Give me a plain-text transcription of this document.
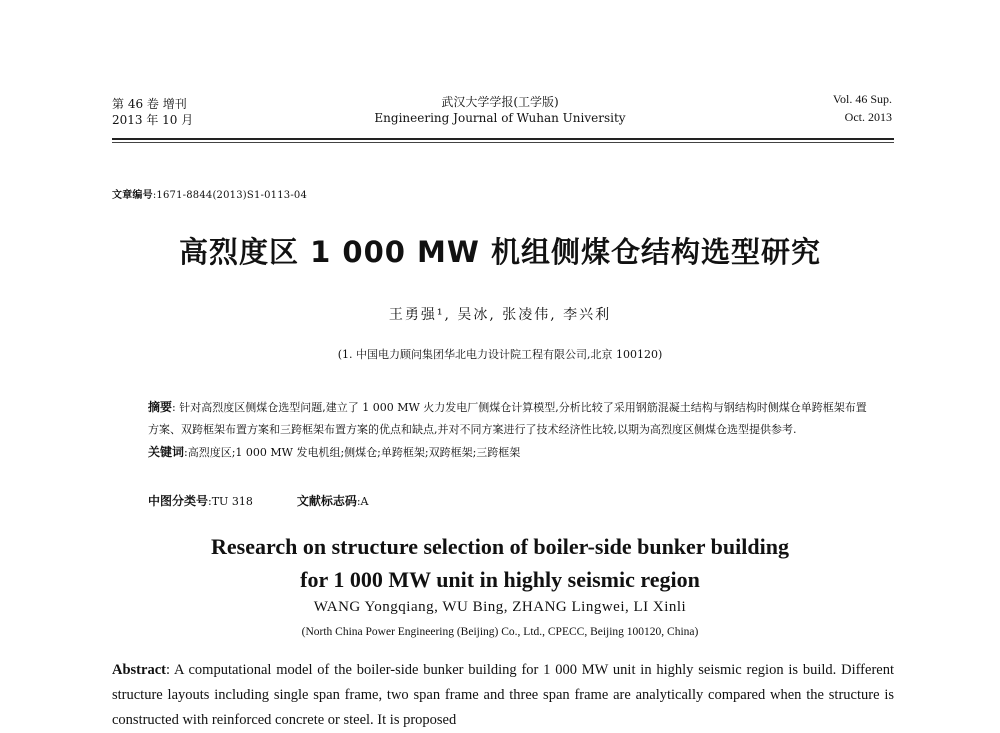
第 46 卷 增刊
2013 年 10 月
武汉大学学报(工学版)
Engineering Journal of Wuhan University
Vol. 46 Sup.
Oct. 2013
文章编号:1671-8844(2013)S1-0113-04
高烈度区 1 000 MW 机组侧煤仓结构选型研究
王勇强¹, 吴冰, 张凌伟, 李兴利
(1. 中国电力顾问集团华北电力设计院工程有限公司,北京 100120)
摘要: 针对高烈度区侧煤仓选型问题,建立了 1 000 MW 火力发电厂侧煤仓计算模型,分析比较了采用钢筋混凝土结构与钢结构时侧煤仓单跨框架布置方案、双跨框架布置方案和三跨框架布置方案的优点和缺点,并对不同方案进行了技术经济性比较,以期为高烈度区侧煤仓选型提供参考.
关键词:高烈度区;1 000 MW 发电机组;侧煤仓;单跨框架;双跨框架;三跨框架
中图分类号:TU 318	文献标志码:A
Research on structure selection of boiler-side bunker building
for 1 000 MW unit in highly seismic region
WANG Yongqiang, WU Bing, ZHANG Lingwei, LI Xinli
(North China Power Engineering (Beijing) Co., Ltd., CPECC, Beijing 100120, China)
Abstract: A computational model of the boiler-side bunker building for 1 000 MW unit in highly seismic region is build. Different structure layouts including single span frame, two span frame and three span frame are analytically compared when the structure is constructed with reinforced concrete or steel. It is proposed
